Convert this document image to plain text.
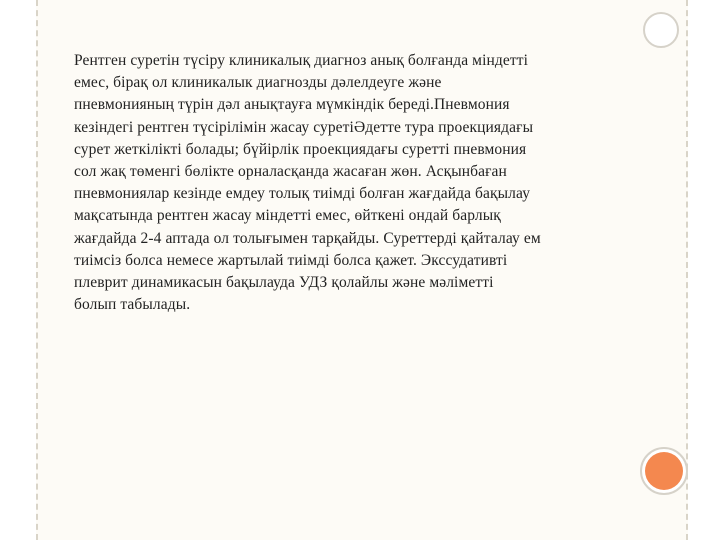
Рентген суретін түсіру клиникалық диагноз анық болғанда міндетті
емес, бірақ ол клиникалык диагнозды дәлелдеуге және
пневмонияның түрін дәл анықтауға мүмкіндік береді.Пневмония
кезіндегі рентген түсірілімін жасау суретіӘдетте тура проекциядағы
сурет жеткілікті болады; бүйірлік проекциядағы суретті пневмония
сол жақ төменгі бөлікте орналасқанда жасаған жөн. Асқынбаған
пневмониялар кезінде емдеу толық тиімді болған жағдайда бақылау
мақсатында рентген жасау міндетті емес, өйткені ондай барлық
жағдайда 2-4 аптада ол толығымен тарқайды. Суреттерді қайталау ем
тиімсіз болса немесе жартылай тиімді болса қажет. Экссудативті
плеврит динамикасын бақылауда УДЗ қолайлы және мәліметті
болып табылады.
